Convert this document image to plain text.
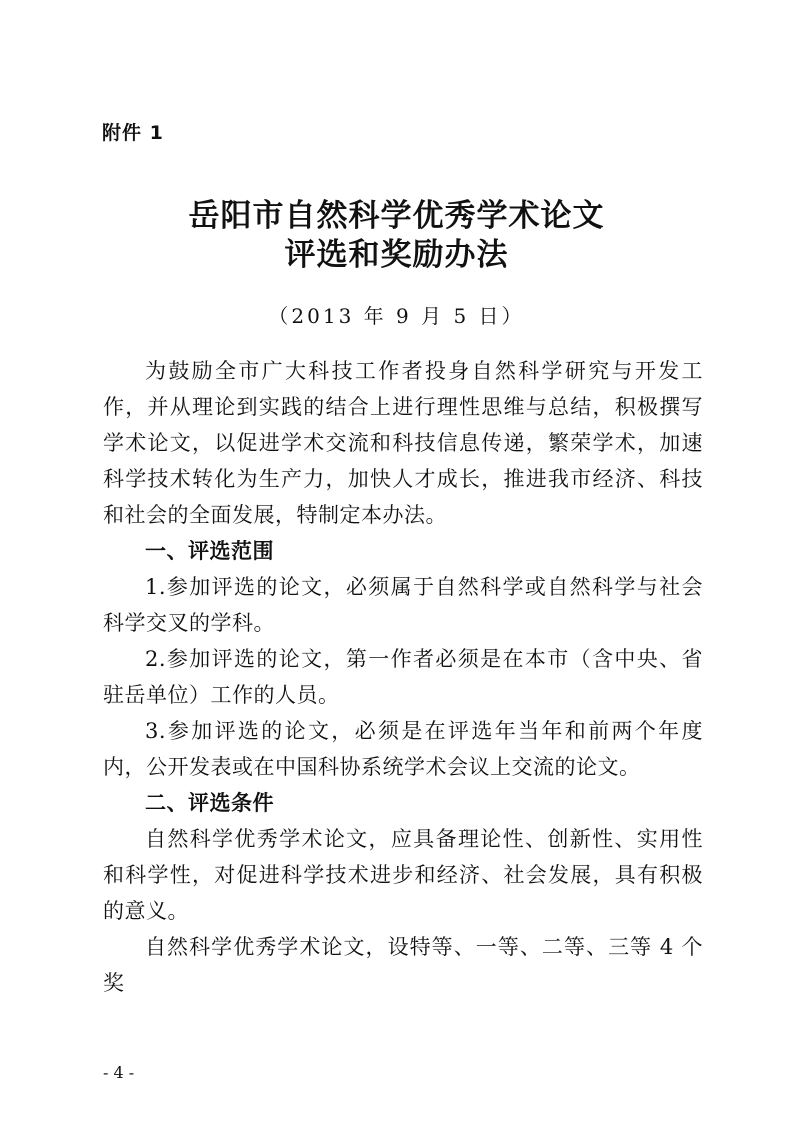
附件 1
岳阳市自然科学优秀学术论文
评选和奖励办法
（2013 年 9 月 5 日）

为鼓励全市广大科技工作者投身自然科学研究与开发工作，并从理论到实践的结合上进行理性思维与总结，积极撰写学术论文，以促进学术交流和科技信息传递，繁荣学术，加速科学技术转化为生产力，加快人才成长，推进我市经济、科技和社会的全面发展，特制定本办法。

一、评选范围

1.参加评选的论文，必须属于自然科学或自然科学与社会科学交叉的学科。

2.参加评选的论文，第一作者必须是在本市（含中央、省驻岳单位）工作的人员。

3.参加评选的论文，必须是在评选年当年和前两个年度内，公开发表或在中国科协系统学术会议上交流的论文。

二、评选条件

自然科学优秀学术论文，应具备理论性、创新性、实用性和科学性，对促进科学技术进步和经济、社会发展，具有积极的意义。

自然科学优秀学术论文，设特等、一等、二等、三等 4 个奖

- 4 -
